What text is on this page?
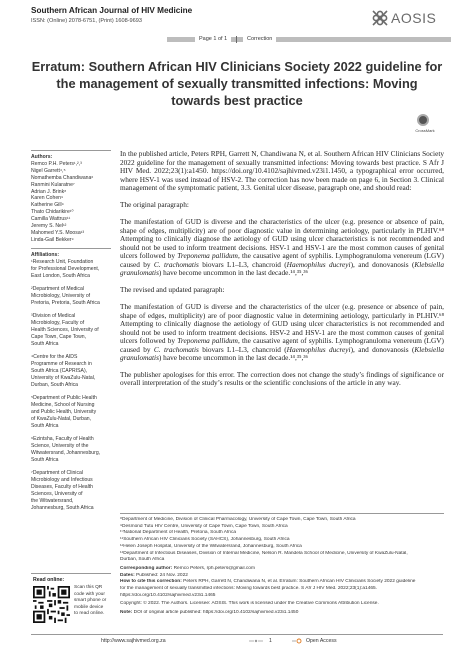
Southern African Journal of HIV Medicine
ISSN: (Online) 2078-6751, (Print) 1608-9693	AOSIS
Page 1 of 1	Correction
Erratum: Southern African HIV Clinicians Society 2022 guideline for the management of sexually transmitted infections: Moving towards best practice
CrossMark
Authors:
Remco P.H. Peters¹,²,³
Nigel Garrett⁴,⁵
Nomathemba Chandiwana⁶
Ranmini Kularatne⁷
Adrian J. Brink⁸
Karen Cohen⁹
Katherine Gill⁹
Thato Chidarikire¹⁰
Camilla Wattrus¹¹
Jeremy S. Nel¹²
Mahomed Y.S. Moosa¹³
Linda-Gail Bekker⁹
Affiliations:
¹Research Unit, Foundation
for Professional Development,
East London, South Africa
²Department of Medical
Microbiology, University of
Pretoria, Pretoria, South Africa
³Division of Medical
Microbiology, Faculty of
Health Sciences, University of
Cape Town, Cape Town,
South Africa
⁴Centre for the AIDS
Programme of Research in
South Africa (CAPRISA),
University of KwaZulu-Natal,
Durban, South Africa
⁵Department of Public Health
Medicine, School of Nursing
and Public Health, University
of KwaZulu-Natal, Durban,
South Africa
⁶Ezintsha, Faculty of Health
Science, University of the
Witwatersrand, Johannesburg,
South Africa
⁷Department of Clinical
Microbiology and Infectious
Diseases, Faculty of Health
Sciences, University of
the Witwatersrand,
Johannesburg, South Africa
Read online:
Scan this QR
code with your
smart phone or
mobile device
to read online.

In the published article, Peters RPH, Garrett N, Chandiwana N, et al. Southern African HIV Clinicians Society 2022 guideline for the management of sexually transmitted infections: Moving towards best practice. S Afr J HIV Med. 2022;23(1):a1450. https://doi.org/10.4102/sajhivmed.v23i1.1450, a typographical error occurred, where HSV-1 was used instead of HSV-2. The correction has now been made on page 6, in Section 3. Clinical management of the symptomatic patient, 3.3. Genital ulcer disease, paragraph one, and should read:

The original paragraph:

The manifestation of GUD is diverse and the characteristics of the ulcer (e.g. presence or absence of pain, shape of edges, multiplicity) are of poor diagnostic value in determining aetiology, particularly in PLHIV.⁶⁸ Attempting to clinically diagnose the aetiology of GUD using ulcer characteristics is not recommended and should not be used to inform treatment decisions. HSV-1 and HSV-1 are the most common causes of genital ulcers followed by Treponema pallidum, the causative agent of syphilis. Lymphogranuloma venereum (LGV) caused by C. trachomatis biovars L1–L3, chancroid (Haemophilus ducreyi), and donovanosis (Klebsiella granulomatis) have become uncommon in the last decade.¹⁴,³⁵,³⁶

The revised and updated paragraph:

The manifestation of GUD is diverse and the characteristics of the ulcer (e.g. presence or absence of pain, shape of edges, multiplicity) are of poor diagnostic value in determining aetiology, particularly in PLHIV.⁶⁸ Attempting to clinically diagnose the aetiology of GUD using ulcer characteristics is not recommended and should not be used to inform treatment decisions. HSV-2 and HSV-1 are the most common causes of genital ulcers followed by Treponema pallidum, the causative agent of syphilis. Lymphogranuloma venereum (LGV) caused by C. trachomatis biovars L1–L3, chancroid (Haemophilus ducreyi), and donovanosis (Klebsiella granulomatis) have become uncommon in the last decade.¹⁴,³⁵,³⁶

The publisher apologises for this error. The correction does not change the study’s findings of significance or overall interpretation of the study’s results or the scientific conclusions of the article in any way.

⁸Department of Medicine, Division of Clinical Pharmacology, University of Cape Town, Cape Town, South Africa
⁹Desmond Tutu HIV Centre, University of Cape Town, Cape Town, South Africa
¹⁰National Department of Health, Pretoria, South Africa
¹¹Southern African HIV Clinicians Society (SAHCS), Johannesburg, South Africa
¹²Helen Joseph Hospital, University of the Witwatersrand, Johannesburg, South Africa
¹³Department of Infectious Diseases, Division of Internal Medicine, Nelson R. Mandela School of Medicine, University of KwaZulu-Natal,
Durban, South Africa
Corresponding author: Remco Peters, rph.peters@gmail.com
Dates: Published: 24 Nov. 2022
How to cite this correction: Peters RPH, Garrett N, Chandiwana N, et al. Erratum: Southern African HIV Clinicians Society 2022 guideline
for the management of sexually transmitted infections: Moving towards best practice. S Afr J HIV Med. 2022;23(1):a1465.
https://doi.org/10.4102/sajhivmed.v23i1.1465
Copyright: © 2022. The Authors. Licensee: AOSIS. This work is licensed under the Creative Commons Attribution License.
Note: DOI of original article published: https://doi.org/10.4102/sajhivmed.v23i1.1450
http://www.sajhivmed.org.za	1	Open Access
